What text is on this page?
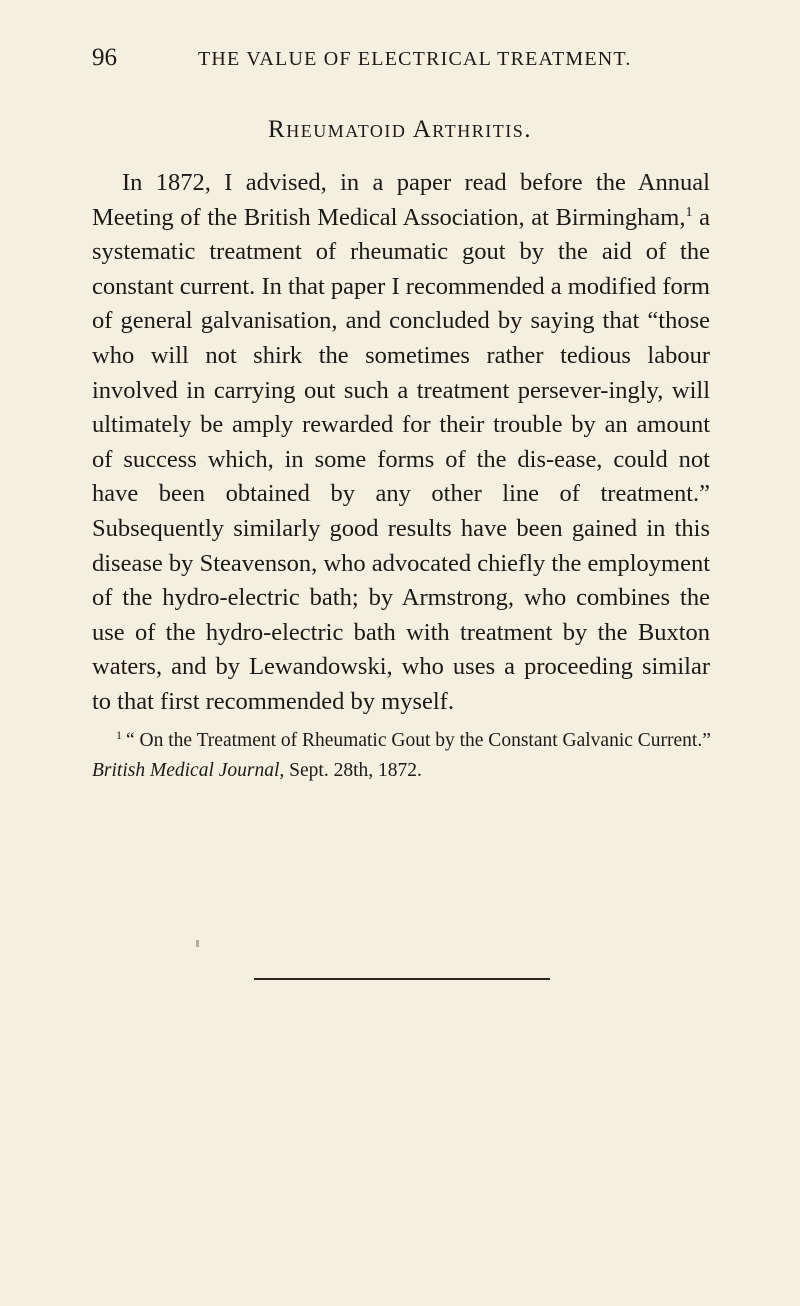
96	THE VALUE OF ELECTRICAL TREATMENT.
Rheumatoid Arthritis.

In 1872, I advised, in a paper read before the Annual Meeting of the British Medical Association, at Birmingham,$^1$ a systematic treatment of rheumatic gout by the aid of the constant current. In that paper I recommended a modified form of general galvanisation, and concluded by saying that “those who will not shirk the sometimes rather tedious labour involved in carrying out such a treatment persever-ingly, will ultimately be amply rewarded for their trouble by an amount of success which, in some forms of the dis-ease, could not have been obtained by any other line of treatment.” Subsequently similarly good results have been gained in this disease by Steavenson, who advocated chiefly the employment of the hydro-electric bath; by Armstrong, who combines the use of the hydro-electric bath with treatment by the Buxton waters, and by Lewandowski, who uses a proceeding similar to that first recommended by myself.

$^1$ “ On the Treatment of Rheumatic Gout by the Constant Galvanic Current.” British Medical Journal, Sept. 28th, 1872.
